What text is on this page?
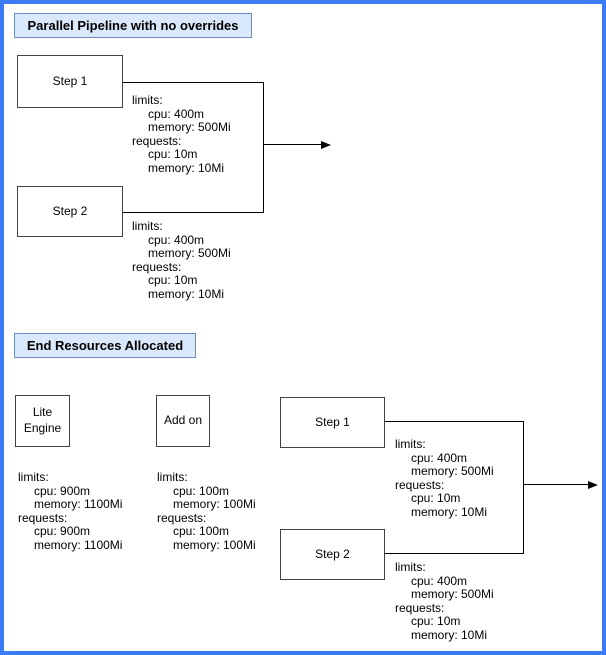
Parallel Pipeline with no overrides
Step 1
Step 2
limits:
cpu: 400m
memory: 500Mi
requests:
cpu: 10m
memory: 10Mi
limits:
cpu: 400m
memory: 500Mi
requests:
cpu: 10m
memory: 10Mi
End Resources Allocated
Lite Engine
Add on	Step 1
Step 2
limits:
cpu: 900m
memory: 1100Mi
requests:
cpu: 900m
memory: 1100Mi
limits:
cpu: 100m
memory: 100Mi
requests:
cpu: 100m
memory: 100Mi
limits:
cpu: 400m
memory: 500Mi
requests:
cpu: 10m
memory: 10Mi
limits:
cpu: 400m
memory: 500Mi
requests:
cpu: 10m
memory: 10Mi
